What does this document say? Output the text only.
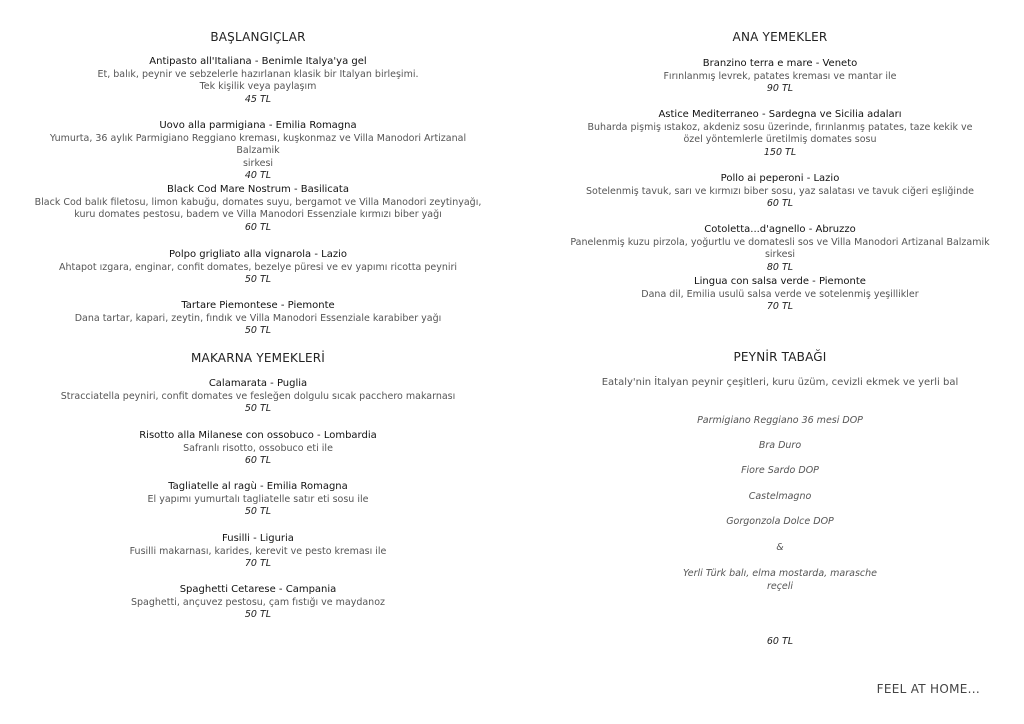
BAŞLANGIÇLAR
Antipasto all'Italiana - Benimle Italya'ya gel
Et, balık, peynir ve sebzelerle hazırlanan klasik bir Italyan birleşimi.
Tek kişilik veya paylaşım
45 TL
Uovo alla parmigiana - Emilia Romagna
Yumurta, 36 aylık Parmigiano Reggiano kreması, kuşkonmaz ve Villa Manodori Artizanal Balzamik
sirkesi
40 TL
Black Cod Mare Nostrum - Basilicata
Black Cod balık filetosu, limon kabuğu, domates suyu, bergamot ve Villa Manodori zeytinyağı,
kuru domates pestosu, badem ve Villa Manodori Essenziale kırmızı biber yağı
60 TL
Polpo grigliato alla vignarola - Lazio
Ahtapot ızgara, enginar, confit domates, bezelye püresi ve ev yapımı ricotta peyniri
50 TL
Tartare Piemontese - Piemonte
Dana tartar, kapari, zeytin, fındık ve Villa Manodori Essenziale karabiber yağı
50 TL
MAKARNA YEMEKLERİ
Calamarata - Puglia
Stracciatella peyniri, confit domates ve fesleğen dolgulu sıcak pacchero makarnası
50 TL
Risotto alla Milanese con ossobuco - Lombardia
Safranlı risotto, ossobuco eti ile
60 TL
Tagliatelle al ragù - Emilia Romagna
El yapımı yumurtalı tagliatelle satır eti sosu ile
50 TL
Fusilli - Liguria
Fusilli makarnası, karides, kerevit ve pesto kreması ile
70 TL
Spaghetti Cetarese - Campania
Spaghetti, ançuvez pestosu, çam fıstığı ve maydanoz
50 TL
ANA YEMEKLER
Branzino terra e mare - Veneto
Fırınlanmış levrek, patates kreması ve mantar ile
90 TL
Astice Mediterraneo - Sardegna ve Sicilia adaları
Buharda pişmiş ıstakoz, akdeniz sosu üzerinde, fırınlanmış patates, taze kekik ve
özel yöntemlerle üretilmiş domates sosu
150 TL
Pollo ai peperoni - Lazio
Sotelenmiş tavuk, sarı ve kırmızı biber sosu, yaz salatası ve tavuk ciğeri eşliğinde
60 TL
Cotoletta...d'agnello - Abruzzo
Panelenmiş kuzu pirzola, yoğurtlu ve domatesli sos ve Villa Manodori Artizanal Balzamik sirkesi
80 TL
Lingua con salsa verde - Piemonte
Dana dil, Emilia usulü salsa verde ve sotelenmiş yeşillikler
70 TL
PEYNİR TABAĞI
Eataly'nin İtalyan peynir çeşitleri, kuru üzüm, cevizli ekmek ve yerli bal
Parmigiano Reggiano 36 mesi DOP
Bra Duro
Fiore Sardo DOP
Castelmagno
Gorgonzola Dolce DOP
&
Yerli Türk balı, elma mostarda, marasche
reçeli
60 TL
FEEL AT HOME...
